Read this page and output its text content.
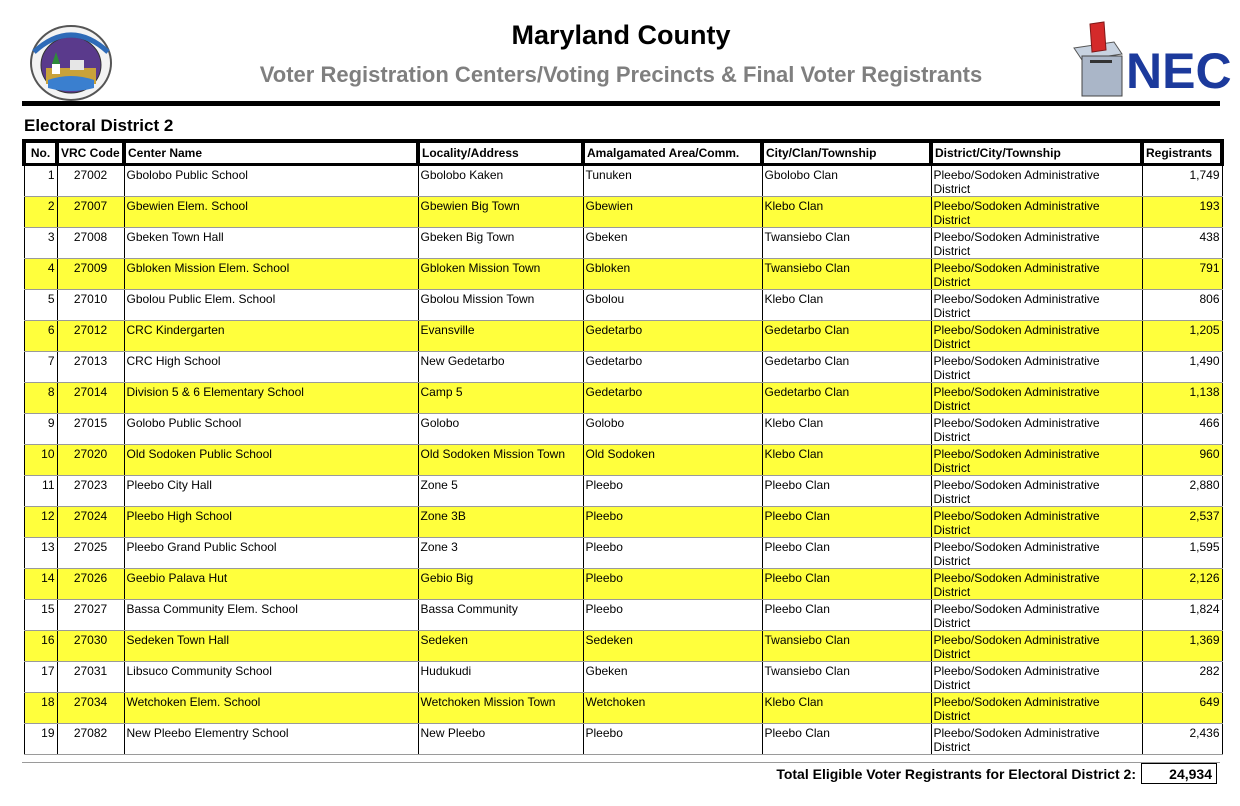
Maryland County
Voter Registration Centers/Voting Precincts & Final Voter Registrants	NEC
Electoral District 2
No.	VRC Code	Center Name	Locality/Address	Amalgamated Area/Comm.	City/Clan/Township	District/City/Township	Registrants
1	27002	Gbolobo Public School	Gbolobo Kaken	Tunuken	Gbolobo Clan	Pleebo/Sodoken Administrative District	1,749
2	27007	Gbewien Elem. School	Gbewien Big Town	Gbewien	Klebo Clan	Pleebo/Sodoken Administrative District	193
3	27008	Gbeken Town Hall	Gbeken Big Town	Gbeken	Twansiebo Clan	Pleebo/Sodoken Administrative District	438
4	27009	Gbloken Mission Elem. School	Gbloken Mission Town	Gbloken	Twansiebo Clan	Pleebo/Sodoken Administrative District	791
5	27010	Gbolou Public Elem. School	Gbolou Mission Town	Gbolou	Klebo Clan	Pleebo/Sodoken Administrative District	806
6	27012	CRC Kindergarten	Evansville	Gedetarbo	Gedetarbo Clan	Pleebo/Sodoken Administrative District	1,205
7	27013	CRC High School	New Gedetarbo	Gedetarbo	Gedetarbo Clan	Pleebo/Sodoken Administrative District	1,490
8	27014	Division 5 & 6 Elementary School	Camp 5	Gedetarbo	Gedetarbo Clan	Pleebo/Sodoken Administrative District	1,138
9	27015	Golobo Public School	Golobo	Golobo	Klebo Clan	Pleebo/Sodoken Administrative District	466
10	27020	Old Sodoken Public School	Old Sodoken Mission Town	Old Sodoken	Klebo Clan	Pleebo/Sodoken Administrative District	960
11	27023	Pleebo City Hall	Zone 5	Pleebo	Pleebo Clan	Pleebo/Sodoken Administrative District	2,880
12	27024	Pleebo High School	Zone 3B	Pleebo	Pleebo Clan	Pleebo/Sodoken Administrative District	2,537
13	27025	Pleebo Grand Public School	Zone 3	Pleebo	Pleebo Clan	Pleebo/Sodoken Administrative District	1,595
14	27026	Geebio Palava Hut	Gebio Big	Pleebo	Pleebo Clan	Pleebo/Sodoken Administrative District	2,126
15	27027	Bassa Community Elem. School	Bassa Community	Pleebo	Pleebo Clan	Pleebo/Sodoken Administrative District	1,824
16	27030	Sedeken Town Hall	Sedeken	Sedeken	Twansiebo Clan	Pleebo/Sodoken Administrative District	1,369
17	27031	Libsuco Community School	Hudukudi	Gbeken	Twansiebo Clan	Pleebo/Sodoken Administrative District	282
18	27034	Wetchoken Elem. School	Wetchoken Mission Town	Wetchoken	Klebo Clan	Pleebo/Sodoken Administrative District	649
19	27082	New Pleebo Elementry School	New Pleebo	Pleebo	Pleebo Clan	Pleebo/Sodoken Administrative District	2,436
Total Eligible Voter Registrants for Electoral District 2:	24,934
